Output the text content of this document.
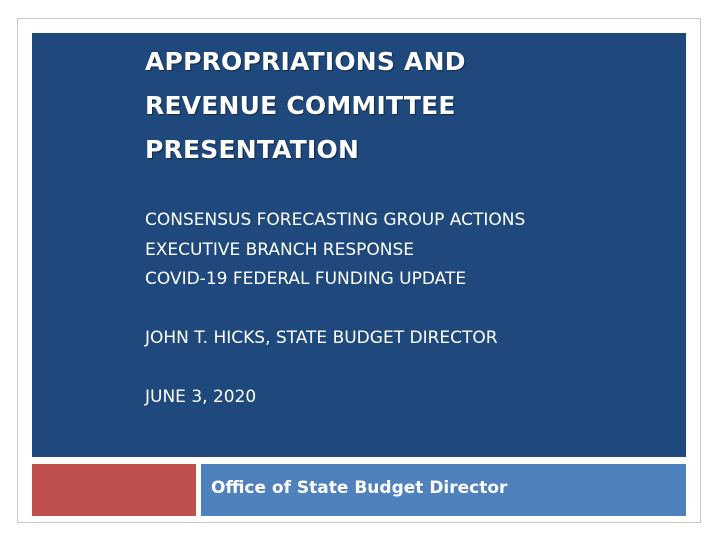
APPROPRIATIONS AND
REVENUE COMMITTEE
PRESENTATION
CONSENSUS FORECASTING GROUP ACTIONS
EXECUTIVE BRANCH RESPONSE
COVID-19 FEDERAL FUNDING UPDATE
JOHN T. HICKS, STATE BUDGET DIRECTOR
JUNE 3, 2020
Office of State Budget Director
